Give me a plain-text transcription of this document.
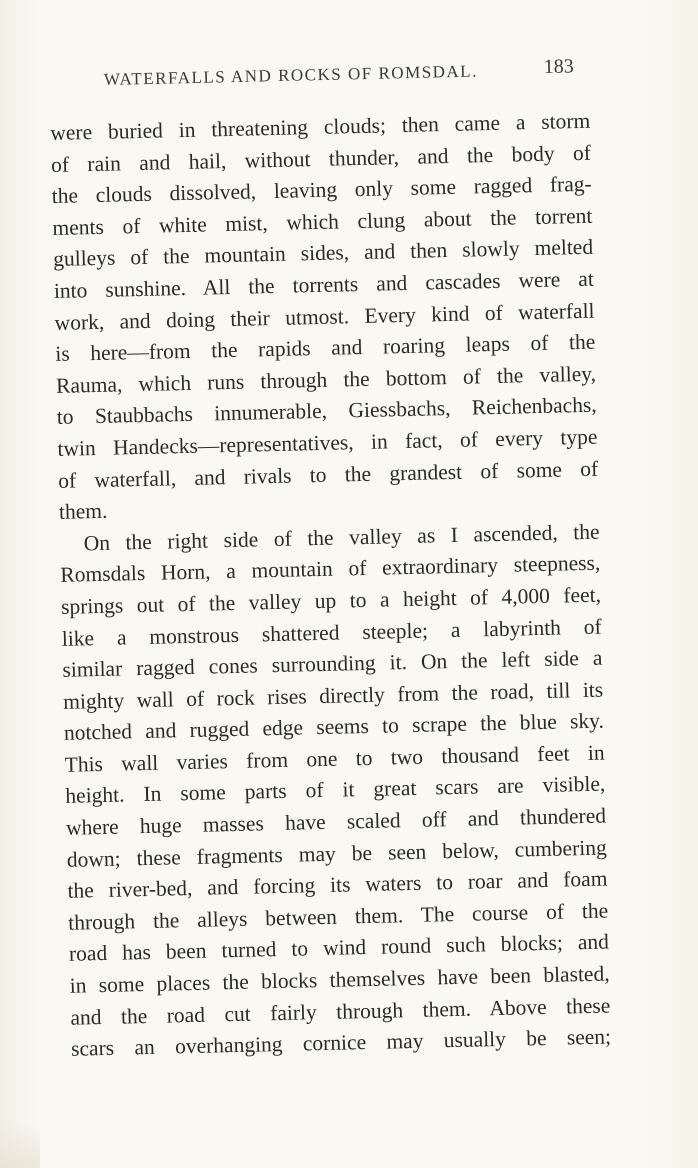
WATERFALLS AND ROCKS OF ROMSDAL.	183
were buried in threatening clouds; then came a storm
of rain and hail, without thunder, and the body of
the clouds dissolved, leaving only some ragged frag-
ments of white mist, which clung about the torrent
gulleys of the mountain sides, and then slowly melted
into sunshine. All the torrents and cascades were at
work, and doing their utmost. Every kind of waterfall
is here—from the rapids and roaring leaps of the
Rauma, which runs through the bottom of the valley,
to Staubbachs innumerable, Giessbachs, Reichenbachs,
twin Handecks—representatives, in fact, of every type
of waterfall, and rivals to the grandest of some of
them.
On the right side of the valley as I ascended, the
Romsdals Horn, a mountain of extraordinary steepness,
springs out of the valley up to a height of 4,000 feet,
like a monstrous shattered steeple; a labyrinth of
similar ragged cones surrounding it. On the left side a
mighty wall of rock rises directly from the road, till its
notched and rugged edge seems to scrape the blue sky.
This wall varies from one to two thousand feet in
height. In some parts of it great scars are visible,
where huge masses have scaled off and thundered
down; these fragments may be seen below, cumbering
the river-bed, and forcing its waters to roar and foam
through the alleys between them. The course of the
road has been turned to wind round such blocks; and
in some places the blocks themselves have been blasted,
and the road cut fairly through them. Above these
scars an overhanging cornice may usually be seen;
